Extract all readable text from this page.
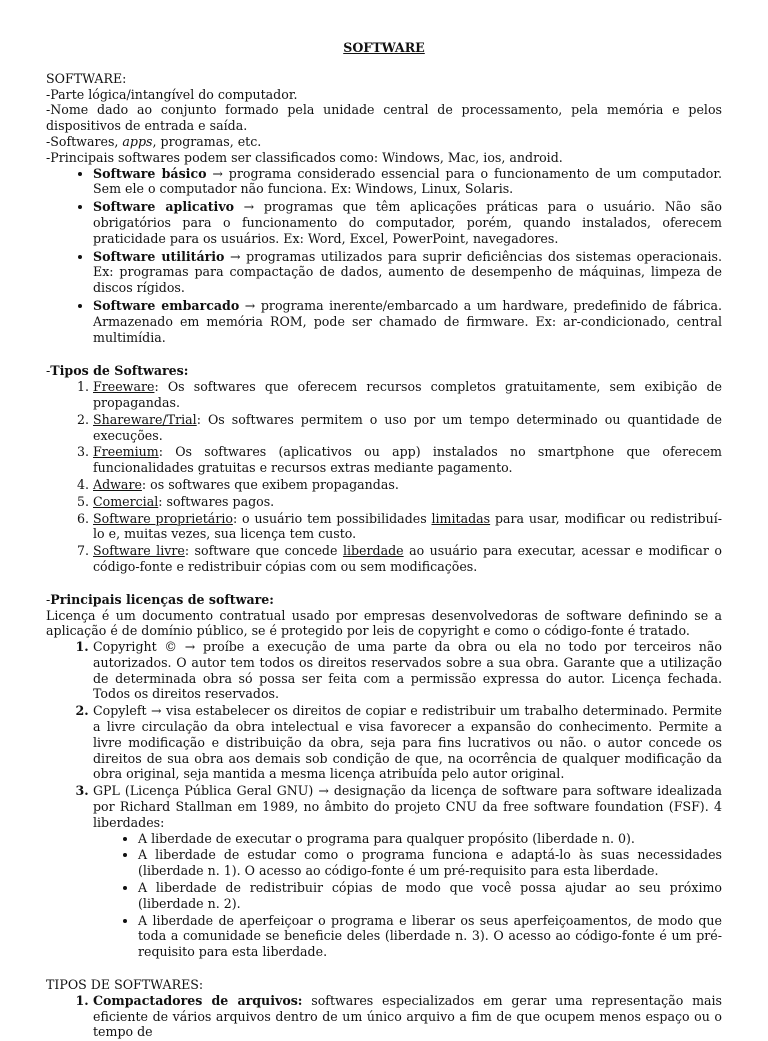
SOFTWARE

SOFTWARE:

-Parte lógica/intangível do computador.

-Nome dado ao conjunto formado pela unidade central de processamento, pela memória e pelos dispositivos de entrada e saída.

-Softwares, apps, programas, etc.

-Principais softwares podem ser classificados como: Windows, Mac, ios, android.

• Software básico → programa considerado essencial para o funcionamento de um computador. Sem ele o computador não funciona. Ex: Windows, Linux, Solaris.
• Software aplicativo → programas que têm aplicações práticas para o usuário. Não são obrigatórios para o funcionamento do computador, porém, quando instalados, oferecem praticidade para os usuários. Ex: Word, Excel, PowerPoint, navegadores.
• Software utilitário → programas utilizados para suprir deficiências dos sistemas operacionais. Ex: programas para compactação de dados, aumento de desempenho de máquinas, limpeza de discos rígidos.
• Software embarcado → programa inerente/embarcado a um hardware, predefinido de fábrica. Armazenado em memória ROM, pode ser chamado de firmware. Ex: ar-condicionado, central multimídia.

-Tipos de Softwares:

1. Freeware: Os softwares que oferecem recursos completos gratuitamente, sem exibição de propagandas.
2. Shareware/Trial: Os softwares permitem o uso por um tempo determinado ou quantidade de execuções.
3. Freemium: Os softwares (aplicativos ou app) instalados no smartphone que oferecem funcionalidades gratuitas e recursos extras mediante pagamento.
4. Adware: os softwares que exibem propagandas.
5. Comercial: softwares pagos.
6. Software proprietário: o usuário tem possibilidades limitadas para usar, modificar ou redistribuí-lo e, muitas vezes, sua licença tem custo.
7. Software livre: software que concede liberdade ao usuário para executar, acessar e modificar o código-fonte e redistribuir cópias com ou sem modificações.

-Principais licenças de software:

Licença é um documento contratual usado por empresas desenvolvedoras de software definindo se a aplicação é de domínio público, se é protegido por leis de copyright e como o código-fonte é tratado.

1. Copyright © → proíbe a execução de uma parte da obra ou ela no todo por terceiros não autorizados. O autor tem todos os direitos reservados sobre a sua obra. Garante que a utilização de determinada obra só possa ser feita com a permissão expressa do autor. Licença fechada. Todos os direitos reservados.
2. Copyleft → visa estabelecer os direitos de copiar e redistribuir um trabalho determinado. Permite a livre circulação da obra intelectual e visa favorecer a expansão do conhecimento. Permite a livre modificação e distribuição da obra, seja para fins lucrativos ou não. o autor concede os direitos de sua obra aos demais sob condição de que, na ocorrência de qualquer modificação da obra original, seja mantida a mesma licença atribuída pelo autor original.
3. GPL (Licença Pública Geral GNU) → designação da licença de software para software idealizada por Richard Stallman em 1989, no âmbito do projeto CNU da free software foundation (FSF). 4 liberdades:
• A liberdade de executar o programa para qualquer propósito (liberdade n. 0).
• A liberdade de estudar como o programa funciona e adaptá-lo às suas necessidades (liberdade n. 1). O acesso ao código-fonte é um pré-requisito para esta liberdade.
• A liberdade de redistribuir cópias de modo que você possa ajudar ao seu próximo (liberdade n. 2).
• A liberdade de aperfeiçoar o programa e liberar os seus aperfeiçoamentos, de modo que toda a comunidade se beneficie deles (liberdade n. 3). O acesso ao código-fonte é um pré-requisito para esta liberdade.

TIPOS DE SOFTWARES:

1. Compactadores de arquivos: softwares especializados em gerar uma representação mais eficiente de vários arquivos dentro de um único arquivo a fim de que ocupem menos espaço ou o tempo de
